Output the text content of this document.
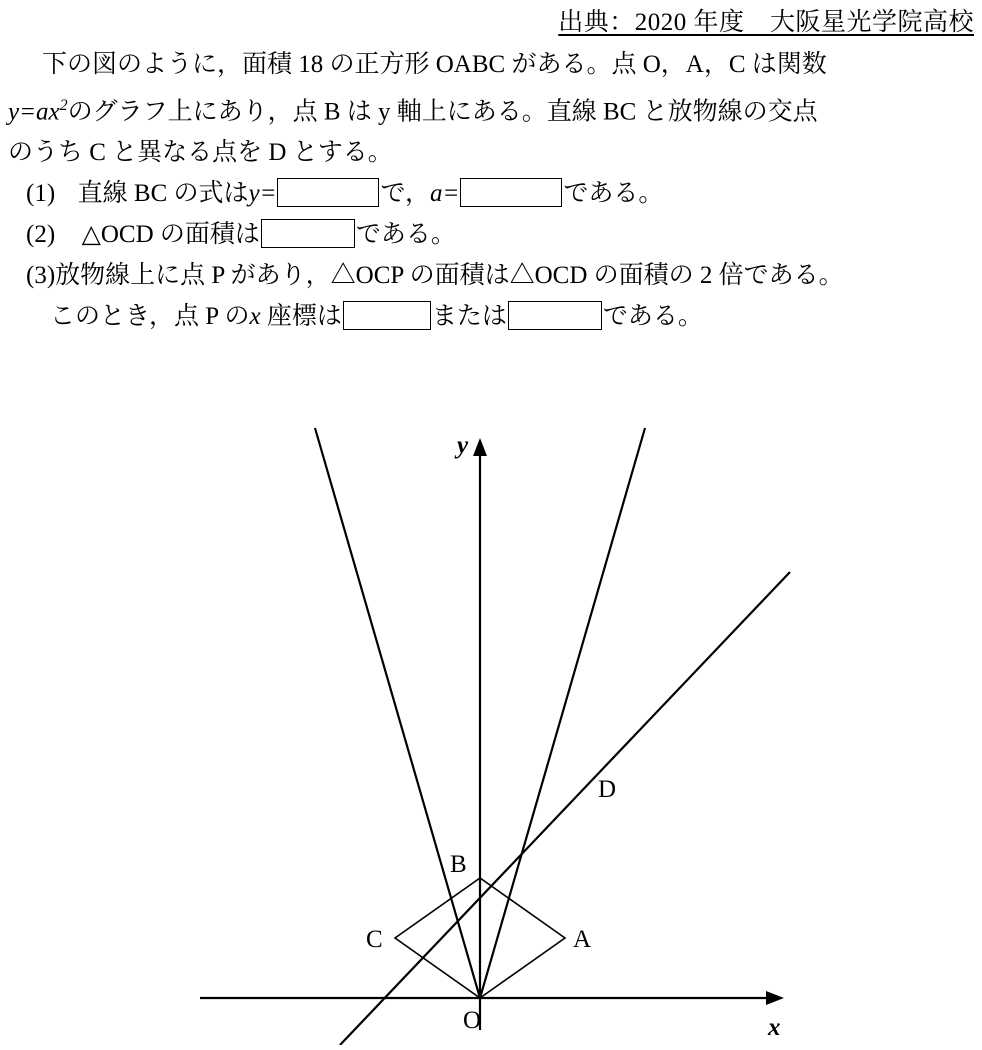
出典：2020 年度　大阪星光学院高校

下の図のように，面積 18 の正方形 OABC がある。点 O，A，C は関数

$y=ax^2$のグラフ上にあり，点 B は y 軸上にある。直線 BC と放物線の交点

のうち C と異なる点を D とする。

(1) 直線 BC の式はy=	で，a=	である。

(2) △OCD の面積は	である。

(3)放物線上に点 P があり，△OCP の面積は△OCD の面積の 2 倍である。

このとき，点 P のx 座標は	または	である。

O
A
B
C
D
y
x
